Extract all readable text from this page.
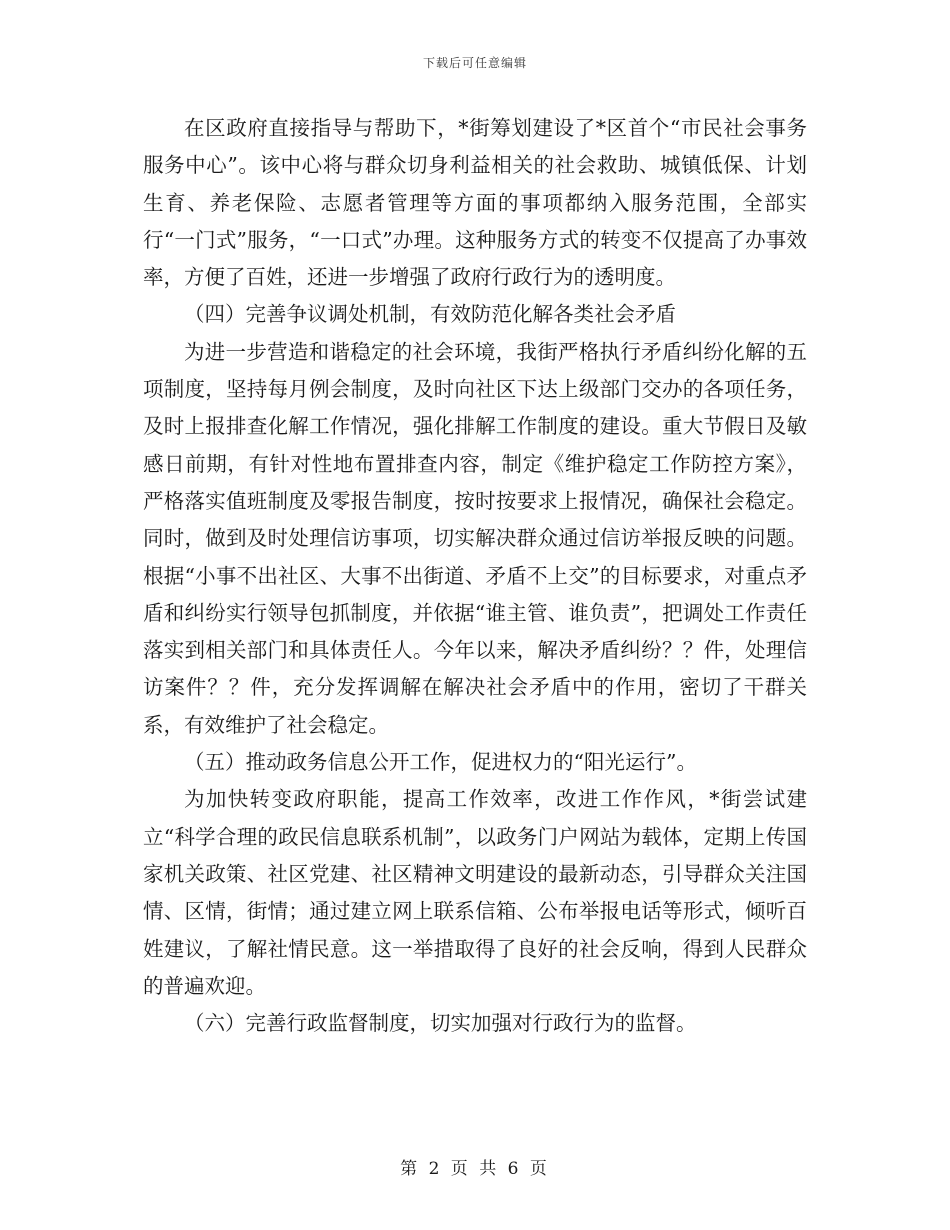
下载后可任意编辑

在区政府直接指导与帮助下，*街筹划建设了*区首个“市民社会事务服务中心”。该中心将与群众切身利益相关的社会救助、城镇低保、计划生育、养老保险、志愿者管理等方面的事项都纳入服务范围，全部实行“一门式”服务，“一口式”办理。这种服务方式的转变不仅提高了办事效率，方便了百姓，还进一步增强了政府行政行为的透明度。

（四）完善争议调处机制，有效防范化解各类社会矛盾

为进一步营造和谐稳定的社会环境，我街严格执行矛盾纠纷化解的五项制度，坚持每月例会制度，及时向社区下达上级部门交办的各项任务，及时上报排查化解工作情况，强化排解工作制度的建设。重大节假日及敏感日前期，有针对性地布置排查内容，制定《维护稳定工作防控方案》，严格落实值班制度及零报告制度，按时按要求上报情况，确保社会稳定。同时，做到及时处理信访事项，切实解决群众通过信访举报反映的问题。根据“小事不出社区、大事不出街道、矛盾不上交”的目标要求，对重点矛盾和纠纷实行领导包抓制度，并依据“谁主管、谁负责”，把调处工作责任落实到相关部门和具体责任人。今年以来，解决矛盾纠纷？？件，处理信访案件？？件，充分发挥调解在解决社会矛盾中的作用，密切了干群关系，有效维护了社会稳定。

（五）推动政务信息公开工作，促进权力的“阳光运行”。

为加快转变政府职能，提高工作效率，改进工作作风，*街尝试建立“科学合理的政民信息联系机制”，以政务门户网站为载体，定期上传国家机关政策、社区党建、社区精神文明建设的最新动态，引导群众关注国情、区情，街情；通过建立网上联系信箱、公布举报电话等形式，倾听百姓建议，了解社情民意。这一举措取得了良好的社会反响，得到人民群众的普遍欢迎。

（六）完善行政监督制度，切实加强对行政行为的监督。

第 2 页 共 6 页
